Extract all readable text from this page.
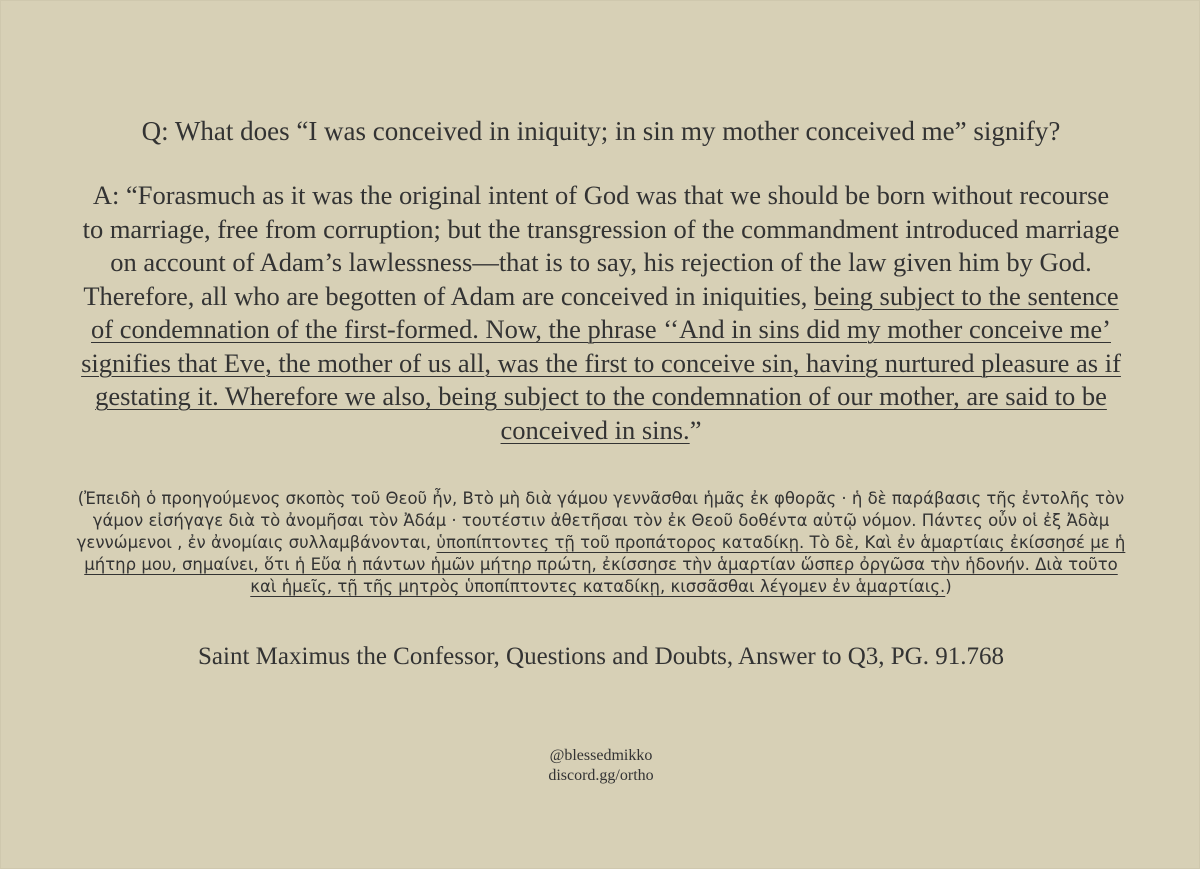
Q: What does “I was conceived in iniquity; in sin my mother conceived me” signify?
A: “Forasmuch as it was the original intent of God was that we should be born without recourse to marriage, free from corruption; but the transgression of the commandment introduced marriage on account of Adam’s lawlessness—that is to say, his rejection of the law given him by God. Therefore, all who are begotten of Adam are conceived in iniquities, being subject to the sentence of condemnation of the first-formed. Now, the phrase ‘‘And in sins did my mother conceive me’ signifies that Eve, the mother of us all, was the first to conceive sin, having nurtured pleasure as if gestating it. Wherefore we also, being subject to the condemnation of our mother, are said to be conceived in sins.”
(Ἐπειδὴ ὁ προηγούμενος σκοπὸς τοῦ Θεοῦ ἦν, Βτὸ μὴ διὰ γάμου γεννᾶσθαι ἡμᾶς ἐκ φθορᾶς · ἡ δὲ παράβασις τῆς ἐντολῆς τὸν γάμον εἰσήγαγε διὰ τὸ ἀνομῆσαι τὸν Ἀδάμ · τουτέστιν ἀθετῆσαι τὸν ἐκ Θεοῦ δοθέντα αὐτῷ νόμον. Πάντες οὖν οἱ ἐξ Ἀδὰμ γεννώμενοι , ἐν ἀνομίαις συλλαμβάνονται, ὑποπίπτοντες τῇ τοῦ προπάτορος καταδίκῃ. Τὸ δὲ, Καὶ ἐν ἁμαρτίαις ἐκίσσησέ με ἡ μήτηρ μου, σημαίνει, ὅτι ἡ Εὔα ἡ πάντων ἡμῶν μήτηρ πρώτη, ἐκίσσησε τὴν ἁμαρτίαν ὥσπερ ὀργῶσα τὴν ἡδονήν. Διὰ τοῦτο καὶ ἡμεῖς, τῇ τῆς μητρὸς ὑποπίπτοντες καταδίκῃ, κισσᾶσθαι λέγομεν ἐν ἁμαρτίαις.)
Saint Maximus the Confessor, Questions and Doubts, Answer to Q3, PG. 91.768
@blessedmikko
discord.gg/ortho
